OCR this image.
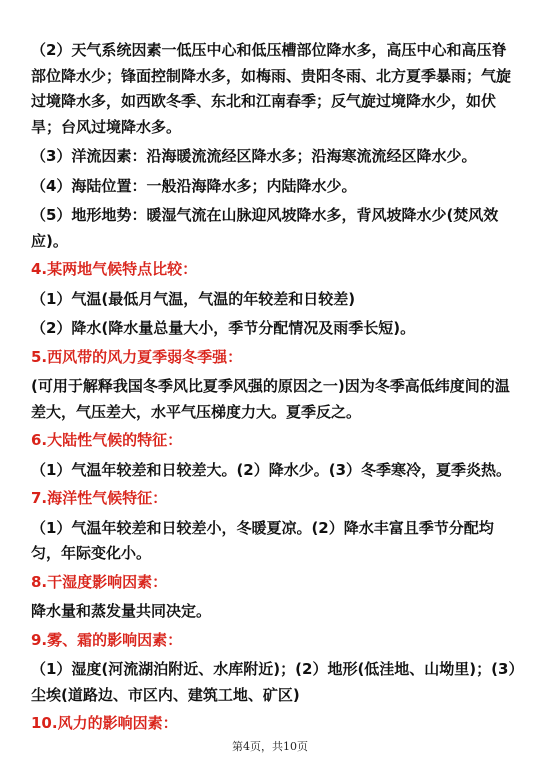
（2）天气系统因素一低压中心和低压槽部位降水多，高压中心和高压脊部位降水少；锋面控制降水多，如梅雨、贵阳冬雨、北方夏季暴雨；气旋过境降水多，如西欧冬季、东北和江南春季；反气旋过境降水少，如伏旱；台风过境降水多。

（3）洋流因素：沿海暖流流经区降水多；沿海寒流流经区降水少。

（4）海陆位置：一般沿海降水多；内陆降水少。

（5）地形地势：暖湿气流在山脉迎风坡降水多，背风坡降水少(焚风效应)。

4.某两地气候特点比较：

（1）气温(最低月气温，气温的年较差和日较差)

（2）降水(降水量总量大小，季节分配情况及雨季长短)。

5.西风带的风力夏季弱冬季强：

(可用于解释我国冬季风比夏季风强的原因之一)因为冬季高低纬度间的温差大，气压差大，水平气压梯度力大。夏季反之。

6.大陆性气候的特征：

（1）气温年较差和日较差大。(2）降水少。(3）冬季寒冷，夏季炎热。

7.海洋性气候特征：

（1）气温年较差和日较差小，冬暖夏凉。(2）降水丰富且季节分配均匀，年际变化小。

8.干湿度影响因素：

降水量和蒸发量共同决定。

9.雾、霜的影响因素：

（1）湿度(河流湖泊附近、水库附近)；(2）地形(低洼地、山坳里)；(3）尘埃(道路边、市区内、建筑工地、矿区)

10.风力的影响因素：

第4页，共10页
